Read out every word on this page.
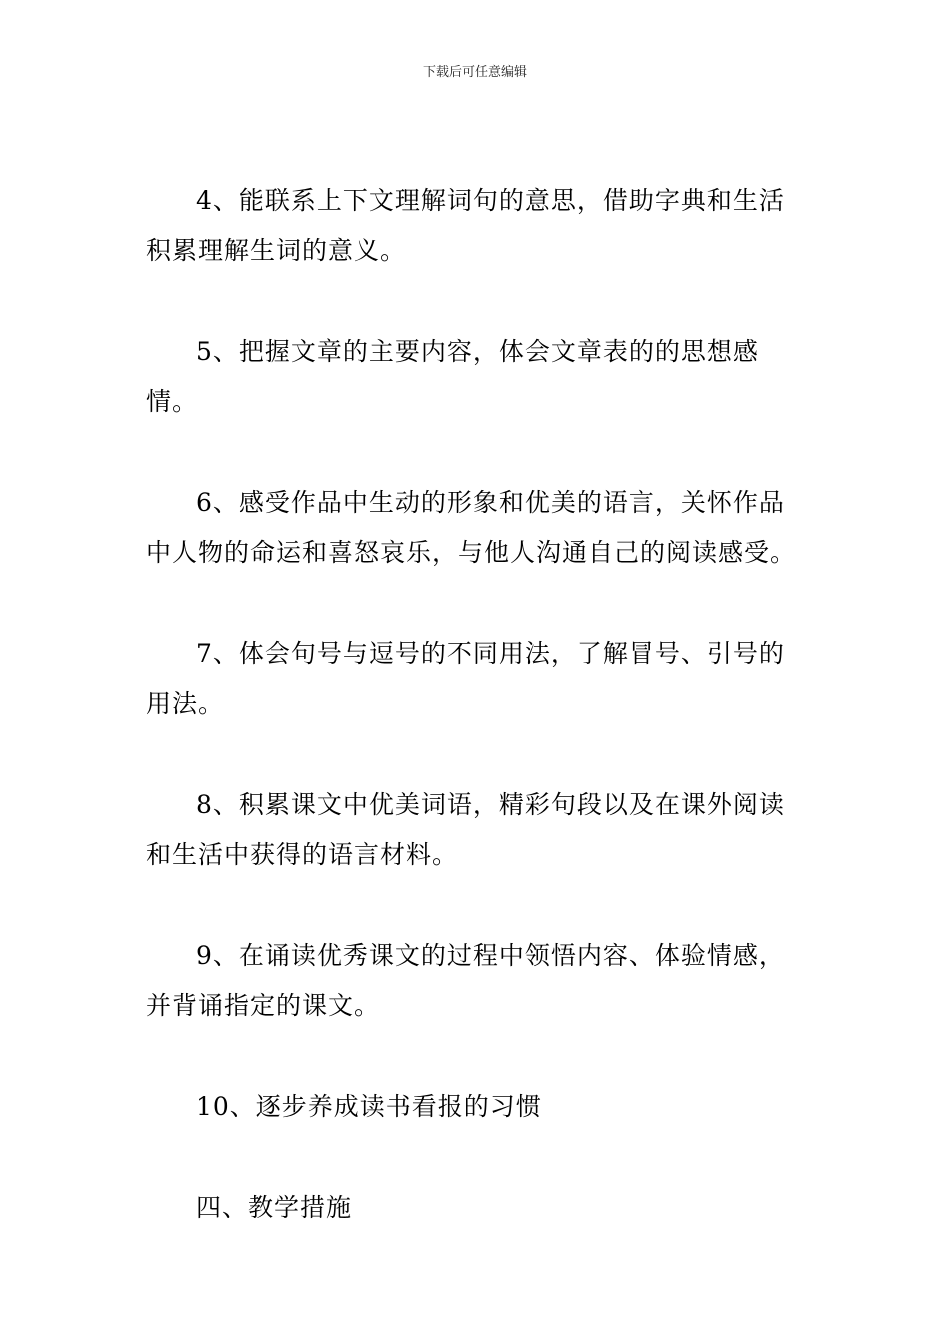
下载后可任意编辑

4、能联系上下文理解词句的意思，借助字典和生活积累理解生词的意义。

5、把握文章的主要内容，体会文章表的的思想感情。

6、感受作品中生动的形象和优美的语言，关怀作品中人物的命运和喜怒哀乐，与他人沟通自己的阅读感受。

7、体会句号与逗号的不同用法，了解冒号、引号的用法。

8、积累课文中优美词语，精彩句段以及在课外阅读和生活中获得的语言材料。

9、在诵读优秀课文的过程中领悟内容、体验情感，并背诵指定的课文。

10、逐步养成读书看报的习惯

四、教学措施
